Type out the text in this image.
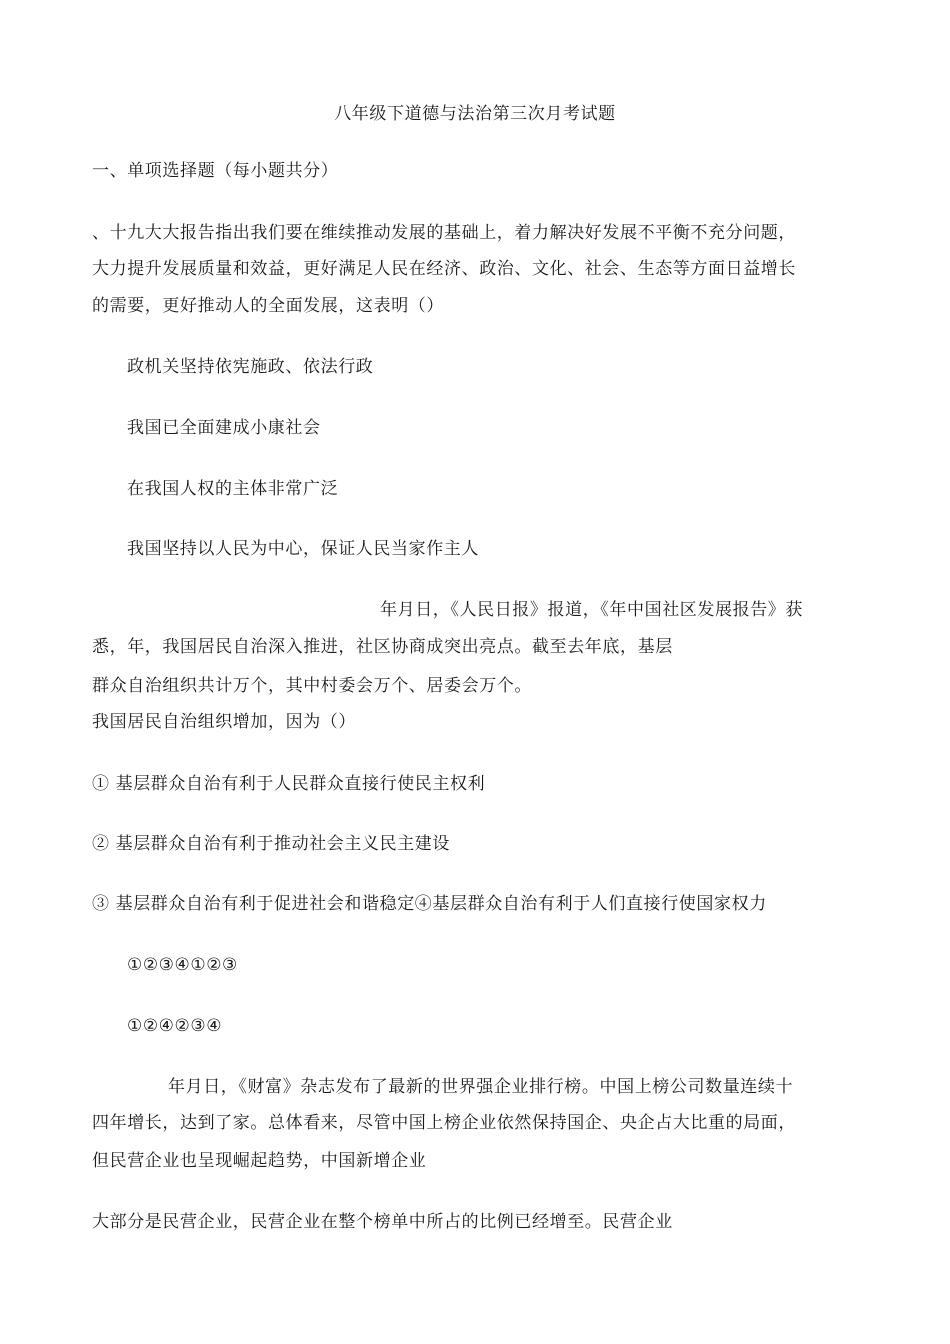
八年级下道德与法治第三次月考试题
一、单项选择题（每小题共分）
、十九大大报告指出我们要在维续推动发展的基础上，着力解决好发展不平衡不充分问题，
大力提升发展质量和效益，更好满足人民在经济、政治、文化、社会、生态等方面日益增长
的需要，更好推动人的全面发展，这表明（）
政机关坚持依宪施政、依法行政
我国已全面建成小康社会
在我国人权的主体非常广泛
我国坚持以人民为中心，保证人民当家作主人
年月日，《人民日报》报道，《年中国社区发展报告》获
悉，年，我国居民自治深入推进，社区协商成突出亮点。截至去年底，基层
群众自治组织共计万个，其中村委会万个、居委会万个。
我国居民自治组织增加，因为（）
① 基层群众自治有利于人民群众直接行使民主权利
② 基层群众自治有利于推动社会主义民主建设
③ 基层群众自治有利于促进社会和谐稳定④基层群众自治有利于人们直接行使国家权力
①②③④①②③
①②④②③④
年月日，《财富》杂志发布了最新的世界强企业排行榜。中国上榜公司数量连续十
四年增长，达到了家。总体看来，尽管中国上榜企业依然保持国企、央企占大比重的局面，
但民营企业也呈现崛起趋势，中国新增企业
大部分是民营企业，民营企业在整个榜单中所占的比例已经增至。民营企业
